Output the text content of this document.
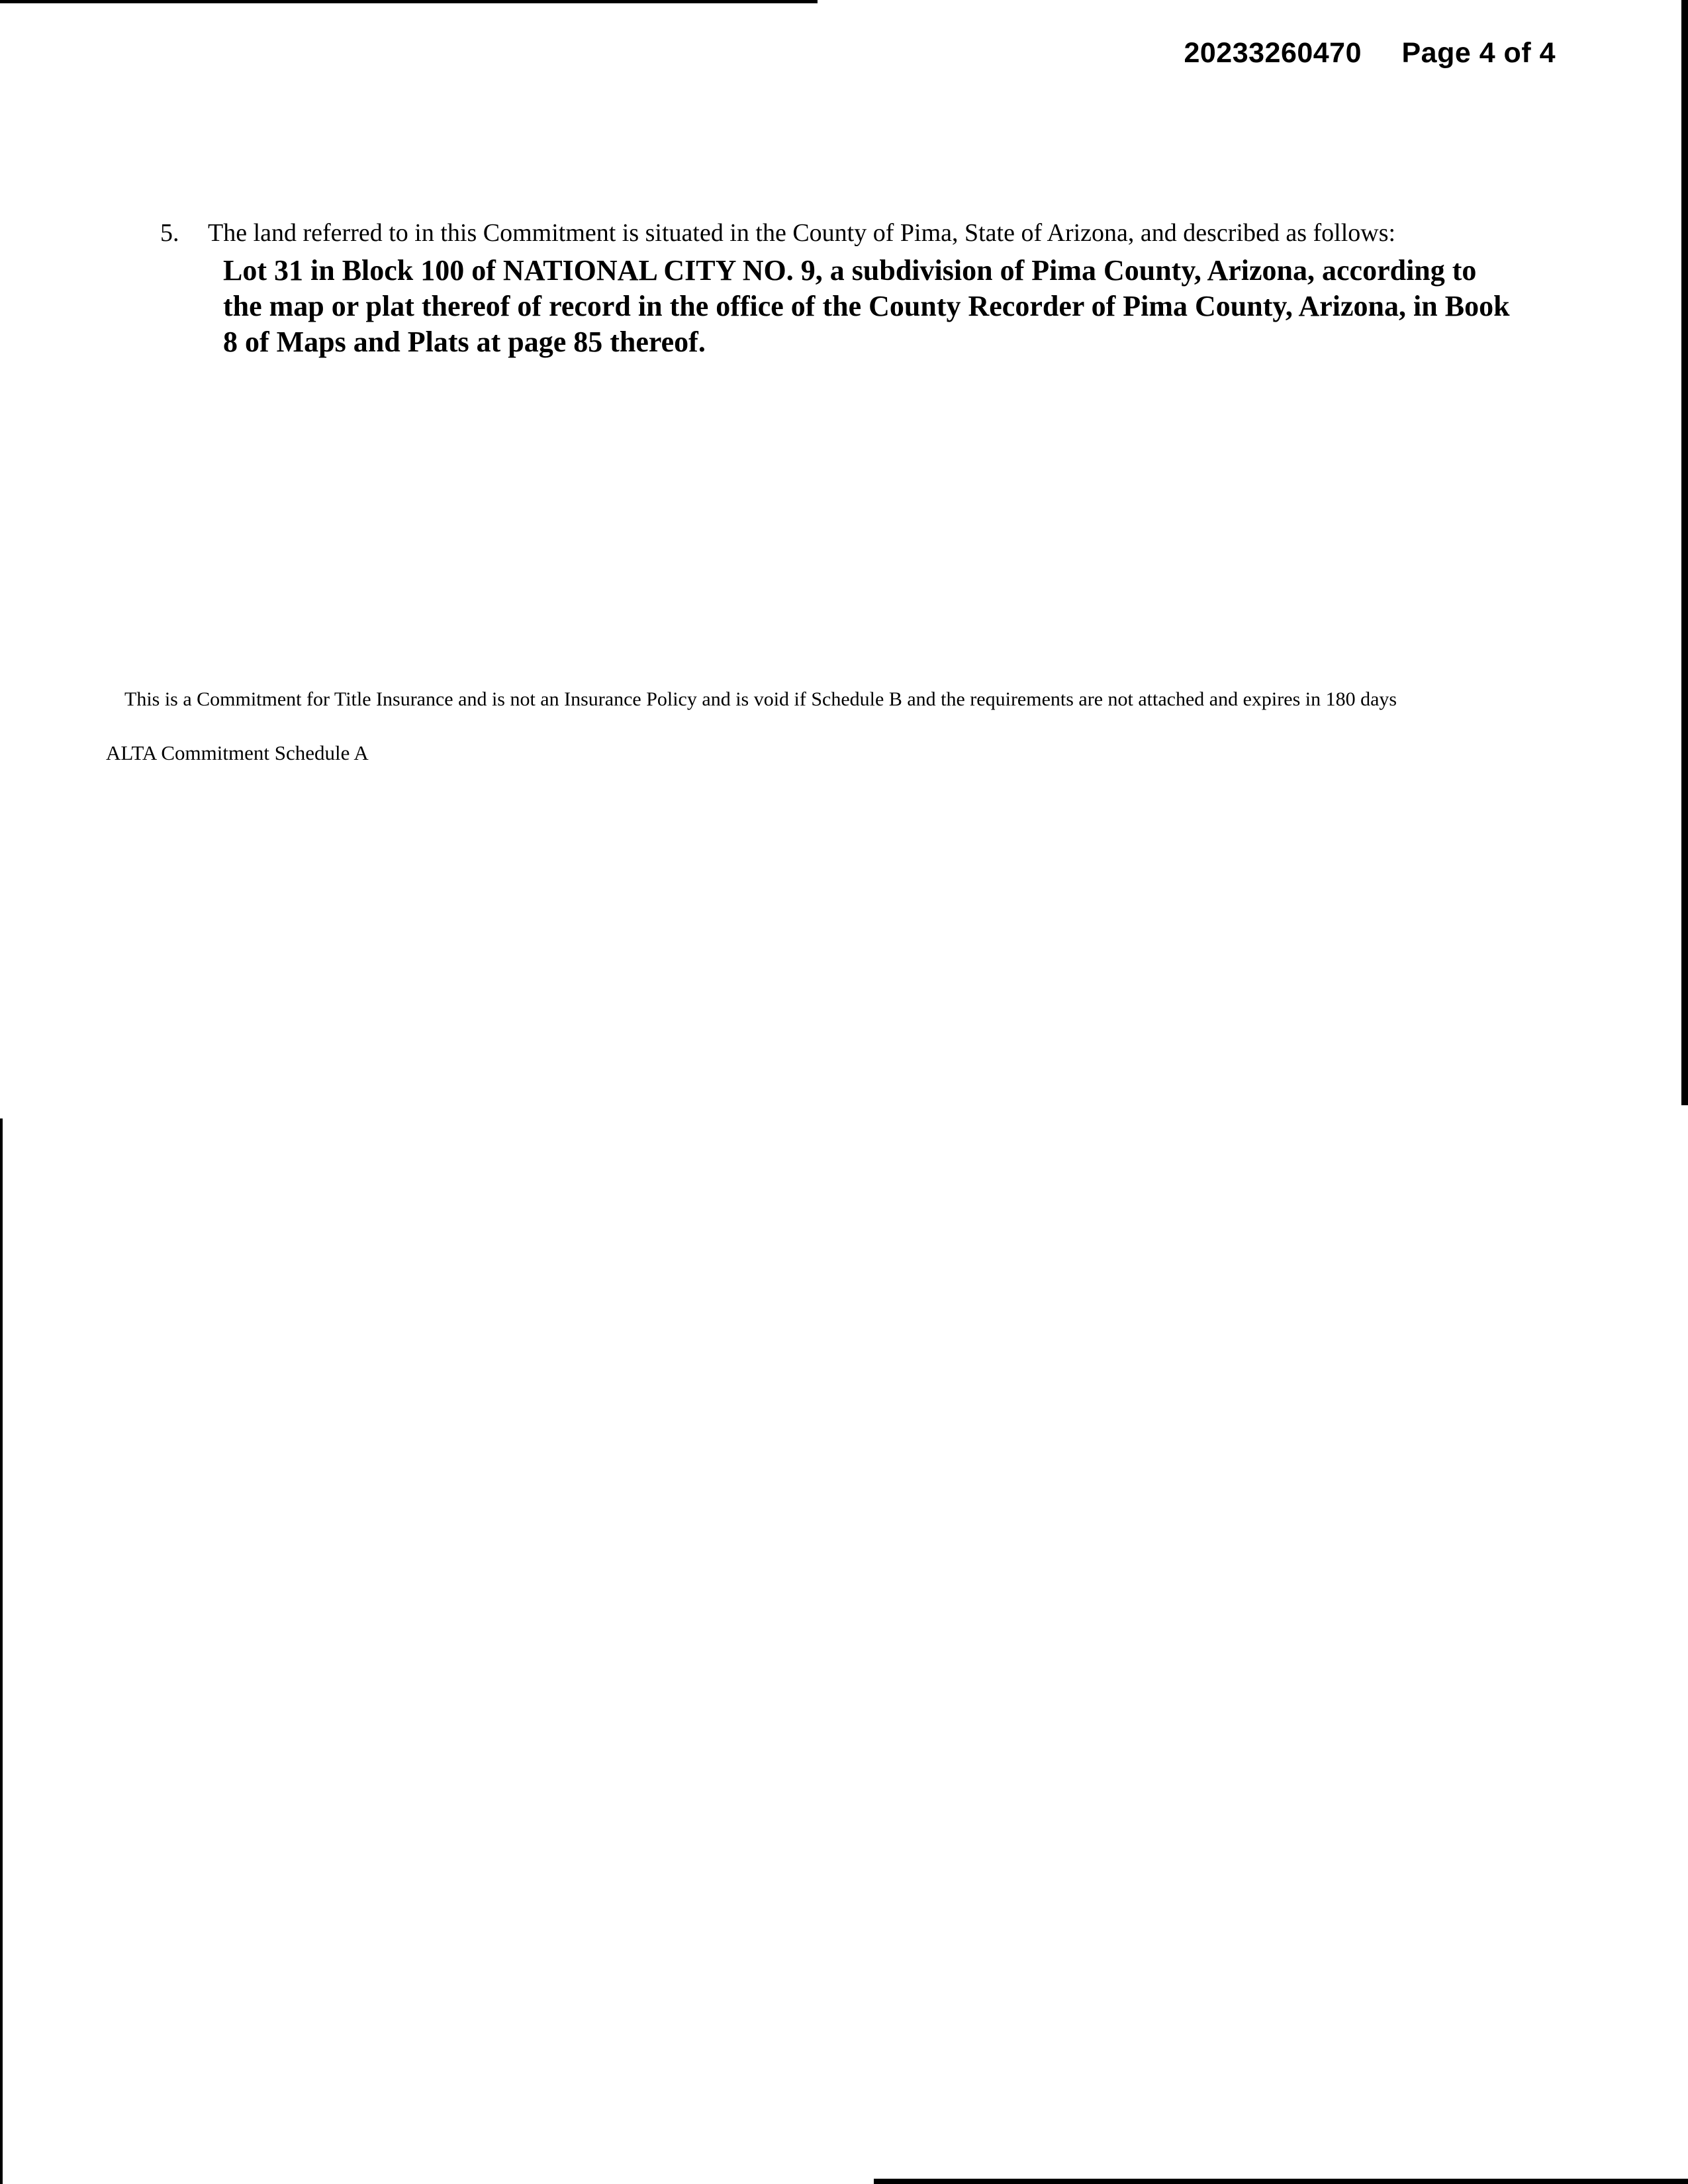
20233260470 Page 4 of 4
5. The land referred to in this Commitment is situated in the County of Pima, State of Arizona, and described as follows:
Lot 31 in Block 100 of NATIONAL CITY NO. 9, a subdivision of Pima County, Arizona, according to the map or plat thereof of record in the office of the County Recorder of Pima County, Arizona, in Book 8 of Maps and Plats at page 85 thereof.
This is a Commitment for Title Insurance and is not an Insurance Policy and is void if Schedule B and the requirements are not attached and expires in 180 days
ALTA Commitment Schedule A
